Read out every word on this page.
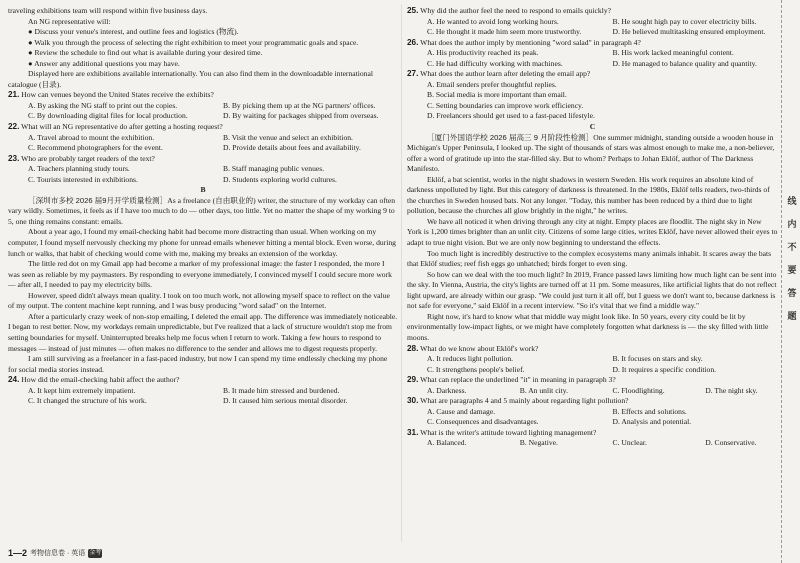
traveling exhibitions team will respond within five business days.

An NG representative will:

● Discuss your venue's interest, and outline fees and logistics (物流).

● Walk you through the process of selecting the right exhibition to meet your programmatic goals and space.

● Review the schedule to find out what is available during your desired time.

● Answer any additional questions you may have.

Displayed here are exhibitions available internationally. You can also find them in the downloadable international catalogue (目录).

21. How can venues beyond the United States receive the exhibits?

A. By asking the NG staff to print out the copies.	B. By picking them up at the NG partners' offices.

C. By downloading digital files for local production.	D. By waiting for packages shipped from overseas.

22. What will an NG representative do after getting a hosting request?

A. Travel abroad to mount the exhibition.	B. Visit the venue and select an exhibition.

C. Recommend photographers for the event.	D. Provide details about fees and availability.

23. Who are probably target readers of the text?

A. Teachers planning study tours.	B. Staff managing public venues.

C. Tourists interested in exhibitions.	D. Students exploring world cultures.

B

［深圳市多校 2026 届9月开学质量检测］As a freelance (自由职业的) writer, the structure of my workday can often vary wildly. Sometimes, it feels as if I have too much to do — other days, too little. Yet no matter the shape of my working 9 to 5, one thing remains constant: emails.

About a year ago, I found my email-checking habit had become more distracting than usual. When working on my computer, I found myself nervously checking my phone for unread emails whenever hitting a mental block. Even worse, during lunch or walks, that habit of checking would come with me, making my breaks an extension of the workday.

The little red dot on my Gmail app had become a marker of my professional image: the faster I responded, the more I was seen as reliable by my paymasters. By responding to everyone immediately, I convinced myself I could secure more work — after all, I needed to pay my electricity bills.

However, speed didn't always mean quality. I took on too much work, not allowing myself space to reflect on the value of my output. The content machine kept running, and I was busy producing "word salad" on the Internet.

After a particularly crazy week of non-stop emailing, I deleted the email app. The difference was immediately noticeable. I began to rest better. Now, my workdays remain unpredictable, but I've realized that a lack of structure wouldn't stop me from setting boundaries for myself. Uninterrupted breaks help me focus when I return to work. Taking a few hours to respond to messages — instead of just minutes — often makes no difference to the sender and allows me to digest requests properly.

I am still surviving as a freelancer in a fast-paced industry, but now I can spend my time endlessly checking my phone for social media stories instead.

24. How did the email-checking habit affect the author?

A. It kept him extremely impatient.	B. It made him stressed and burdened.

C. It changed the structure of his work.	D. It caused him serious mental disorder.

25. Why did the author feel the need to respond to emails quickly?

A. He wanted to avoid long working hours.	B. He sought high pay to cover electricity bills.

C. He thought it made him seem more trustworthy.	D. He believed multitasking ensured employment.

26. What does the author imply by mentioning "word salad" in paragraph 4?

A. His productivity reached its peak.	B. His work lacked meaningful content.

C. He had difficulty working with machines.	D. He managed to balance quality and quantity.

27. What does the author learn after deleting the email app?

A. Email senders prefer thoughtful replies.

B. Social media is more important than email.

C. Setting boundaries can improve work efficiency.

D. Freelancers should get used to a fast-paced lifestyle.

C

［厦门外国语学校 2026 届高三 9 月阶段性检测］One summer midnight, standing outside a wooden house in Michigan's Upper Peninsula, I looked up. The sight of thousands of stars was almost enough to make me, a non-believer, offer a word of gratitude up into the star-filled sky. But to whom? Perhaps to Johan Eklöf, author of The Darkness Manifesto.

Eklöf, a bat scientist, works in the night shadows in western Sweden. His work requires an absolute kind of darkness unpolluted by light. But this category of darkness is threatened. In the 1980s, Eklöf tells readers, two-thirds of the churches in Sweden housed bats. Not any longer. "Today, this number has been reduced by a third due to light pollution, because the churches all glow brightly in the night," he writes.

We have all noticed it when driving through any city at night. Empty places are floodlit. The night sky in New York is 1,200 times brighter than an unlit city. Citizens of some large cities, writes Eklöf, have never allowed their eyes to adapt to true night vision. But we are only now beginning to understand the effects.

Too much light is incredibly destructive to the complex ecosystems many animals inhabit. It scares away the bats that Eklöf studies; reef fish eggs go unhatched; birds forget to even sing.

So how can we deal with the too much light? In 2019, France passed laws limiting how much light can be sent into the sky. In Vienna, Austria, the city's lights are turned off at 11 pm. Some measures, like artificial lights that do not reflect light upward, are already within our grasp. "We could just turn it all off, but I guess we don't want to, because darkness is not safe for everyone," said Eklöf in a recent interview. "So it's vital that we find a middle way."

Right now, it's hard to know what that middle way might look like. In 50 years, every city could be lit by environmentally low-impact lights, or we might have completely forgotten what darkness is — the sky filled with little moons.

28. What do we know about Eklöf's work?

A. It reduces light pollution.	B. It focuses on stars and sky.

C. It strengthens people's belief.	D. It requires a specific condition.

29. What can replace the underlined "it" in meaning in paragraph 3?

A. Darkness.	B. An unlit city.	C. Floodlighting.	D. The night sky.

30. What are paragraphs 4 and 5 mainly about regarding light pollution?

A. Cause and damage.	B. Effects and solutions.

C. Consequences and disadvantages.	D. Analysis and potential.

31. What is the writer's attitude toward lighting management?

A. Balanced.	B. Negative.	C. Unclear.	D. Conservative.

1—2 考物信息卷 · 英语 金考
线
内
不
要
答
题
